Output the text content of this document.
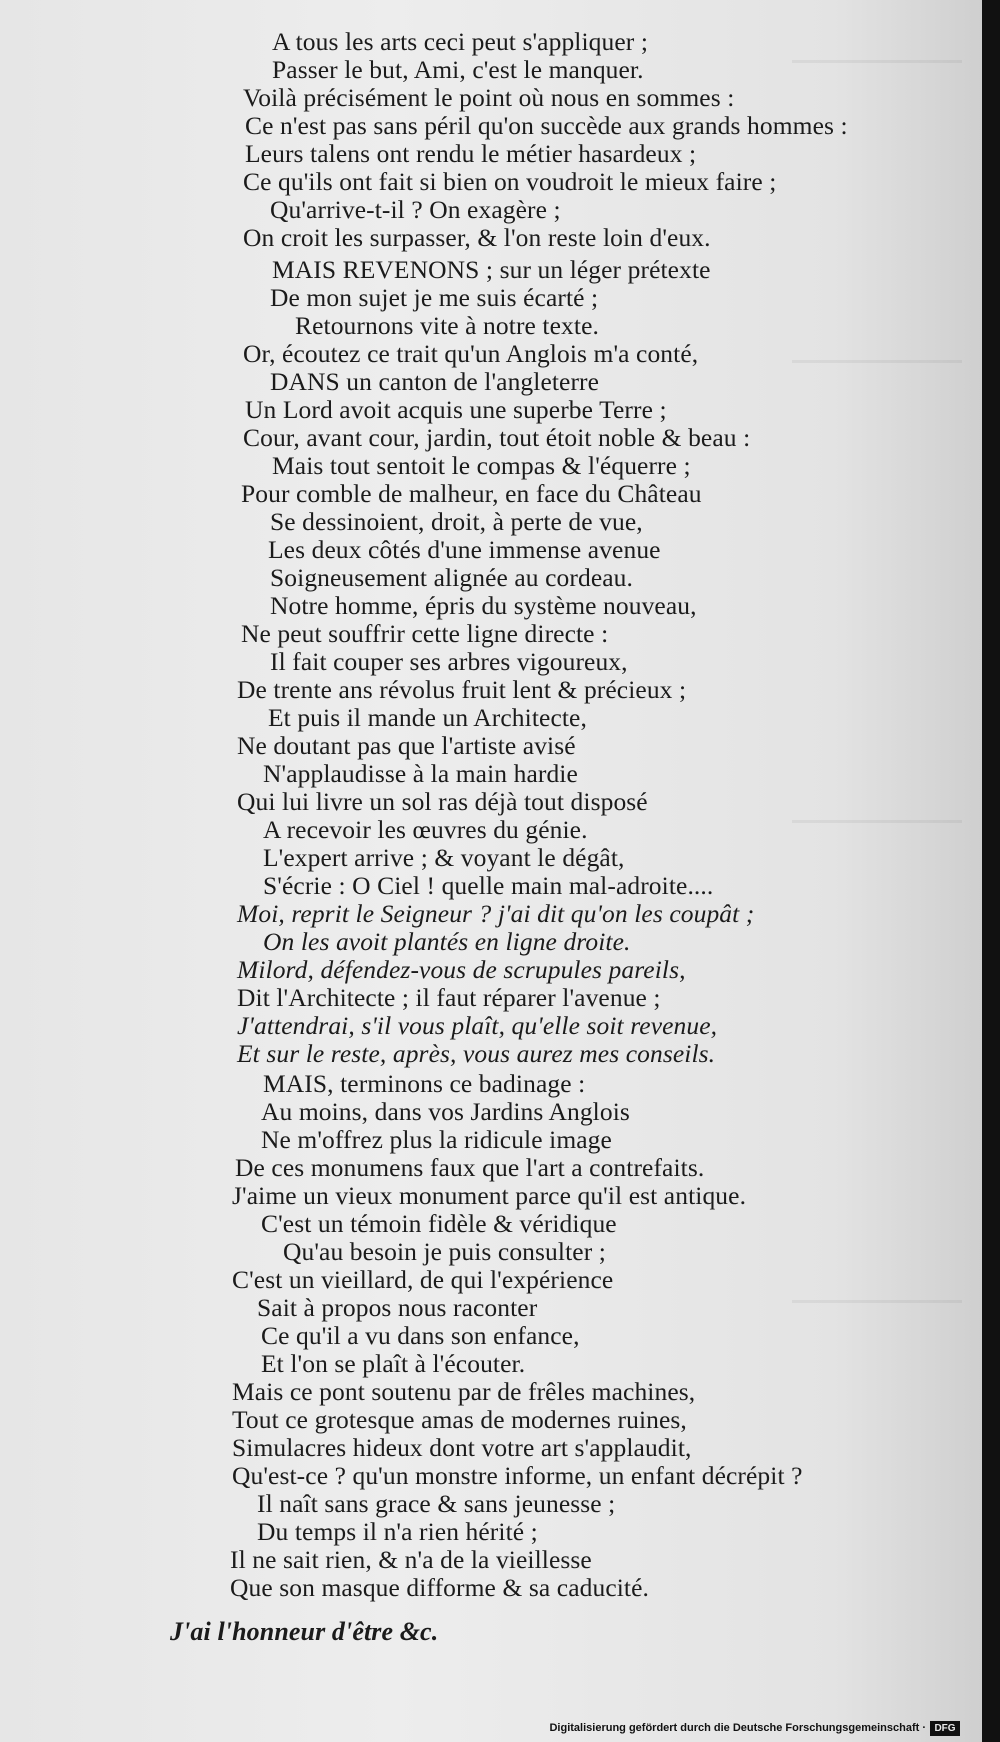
A tous les arts ceci peut s'appliquer ;
Passer le but, Ami, c'est le manquer.
Voilà précisément le point où nous en sommes :
Ce n'est pas sans péril qu'on succède aux grands hommes :
Leurs talens ont rendu le métier hasardeux ;
Ce qu'ils ont fait si bien on voudroit le mieux faire ;
Qu'arrive-t-il ? On exagère ;
On croit les surpasser, & l'on reste loin d'eux.
MAIS REVENONS ; sur un léger prétexte
De mon sujet je me suis écarté ;
Retournons vite à notre texte.
Or, écoutez ce trait qu'un Anglois m'a conté,
DANS un canton de l'angleterre
Un Lord avoit acquis une superbe Terre ;
Cour, avant cour, jardin, tout étoit noble & beau :
Mais tout sentoit le compas & l'équerre ;
Pour comble de malheur, en face du Château
Se dessinoient, droit, à perte de vue,
Les deux côtés d'une immense avenue
Soigneusement alignée au cordeau.
Notre homme, épris du système nouveau,
Ne peut souffrir cette ligne directe :
Il fait couper ses arbres vigoureux,
De trente ans révolus fruit lent & précieux ;
Et puis il mande un Architecte,
Ne doutant pas que l'artiste avisé
N'applaudisse à la main hardie
Qui lui livre un sol ras déjà tout disposé
A recevoir les œuvres du génie.
L'expert arrive ; & voyant le dégât,
S'écrie : O Ciel ! quelle main mal-adroite....
Moi, reprit le Seigneur ? j'ai dit qu'on les coupât ;
On les avoit plantés en ligne droite.
Milord, défendez-vous de scrupules pareils,
Dit l'Architecte ; il faut réparer l'avenue ;
J'attendrai, s'il vous plaît, qu'elle soit revenue,
Et sur le reste, après, vous aurez mes conseils.
MAIS, terminons ce badinage :
Au moins, dans vos Jardins Anglois
Ne m'offrez plus la ridicule image
De ces monumens faux que l'art a contrefaits.
J'aime un vieux monument parce qu'il est antique.
C'est un témoin fidèle & véridique
Qu'au besoin je puis consulter ;
C'est un vieillard, de qui l'expérience
Sait à propos nous raconter
Ce qu'il a vu dans son enfance,
Et l'on se plaît à l'écouter.
Mais ce pont soutenu par de frêles machines,
Tout ce grotesque amas de modernes ruines,
Simulacres hideux dont votre art s'applaudit,
Qu'est-ce ? qu'un monstre informe, un enfant décrépit ?
Il naît sans grace & sans jeunesse ;
Du temps il n'a rien hérité ;
Il ne sait rien, & n'a de la vieillesse
Que son masque difforme & sa caducité.
J'ai l'honneur d'être &c.
Digitalisierung gefördert durch die Deutsche Forschungsgemeinschaft · DFG
